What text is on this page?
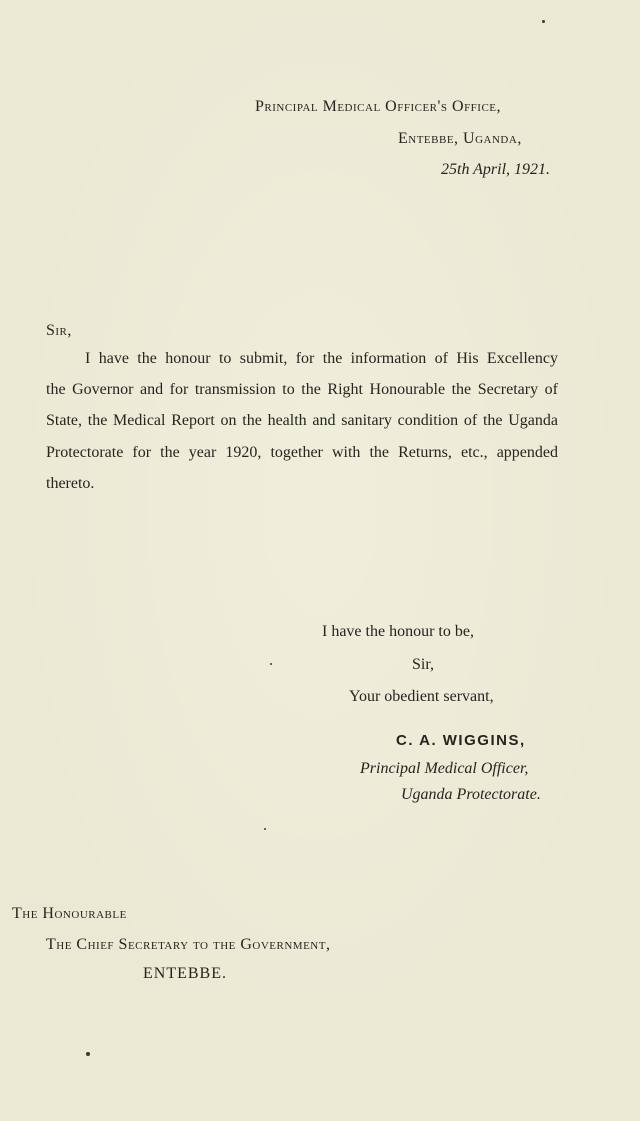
Principal Medical Officer's Office,
Entebbe, Uganda,
25th April, 1921.
Sir,
I have the honour to submit, for the information of His Excellency
the Governor and for transmission to the Right Honourable the Secretary of
State, the Medical Report on the health and sanitary condition of the Uganda
Protectorate for the year 1920, together with the Returns, etc., appended
thereto.
I have the honour to be,
Sir,
Your obedient servant,
C. A. WIGGINS,
Principal Medical Officer,
Uganda Protectorate.
The Honourable
The Chief Secretary to the Government,
ENTEBBE.
